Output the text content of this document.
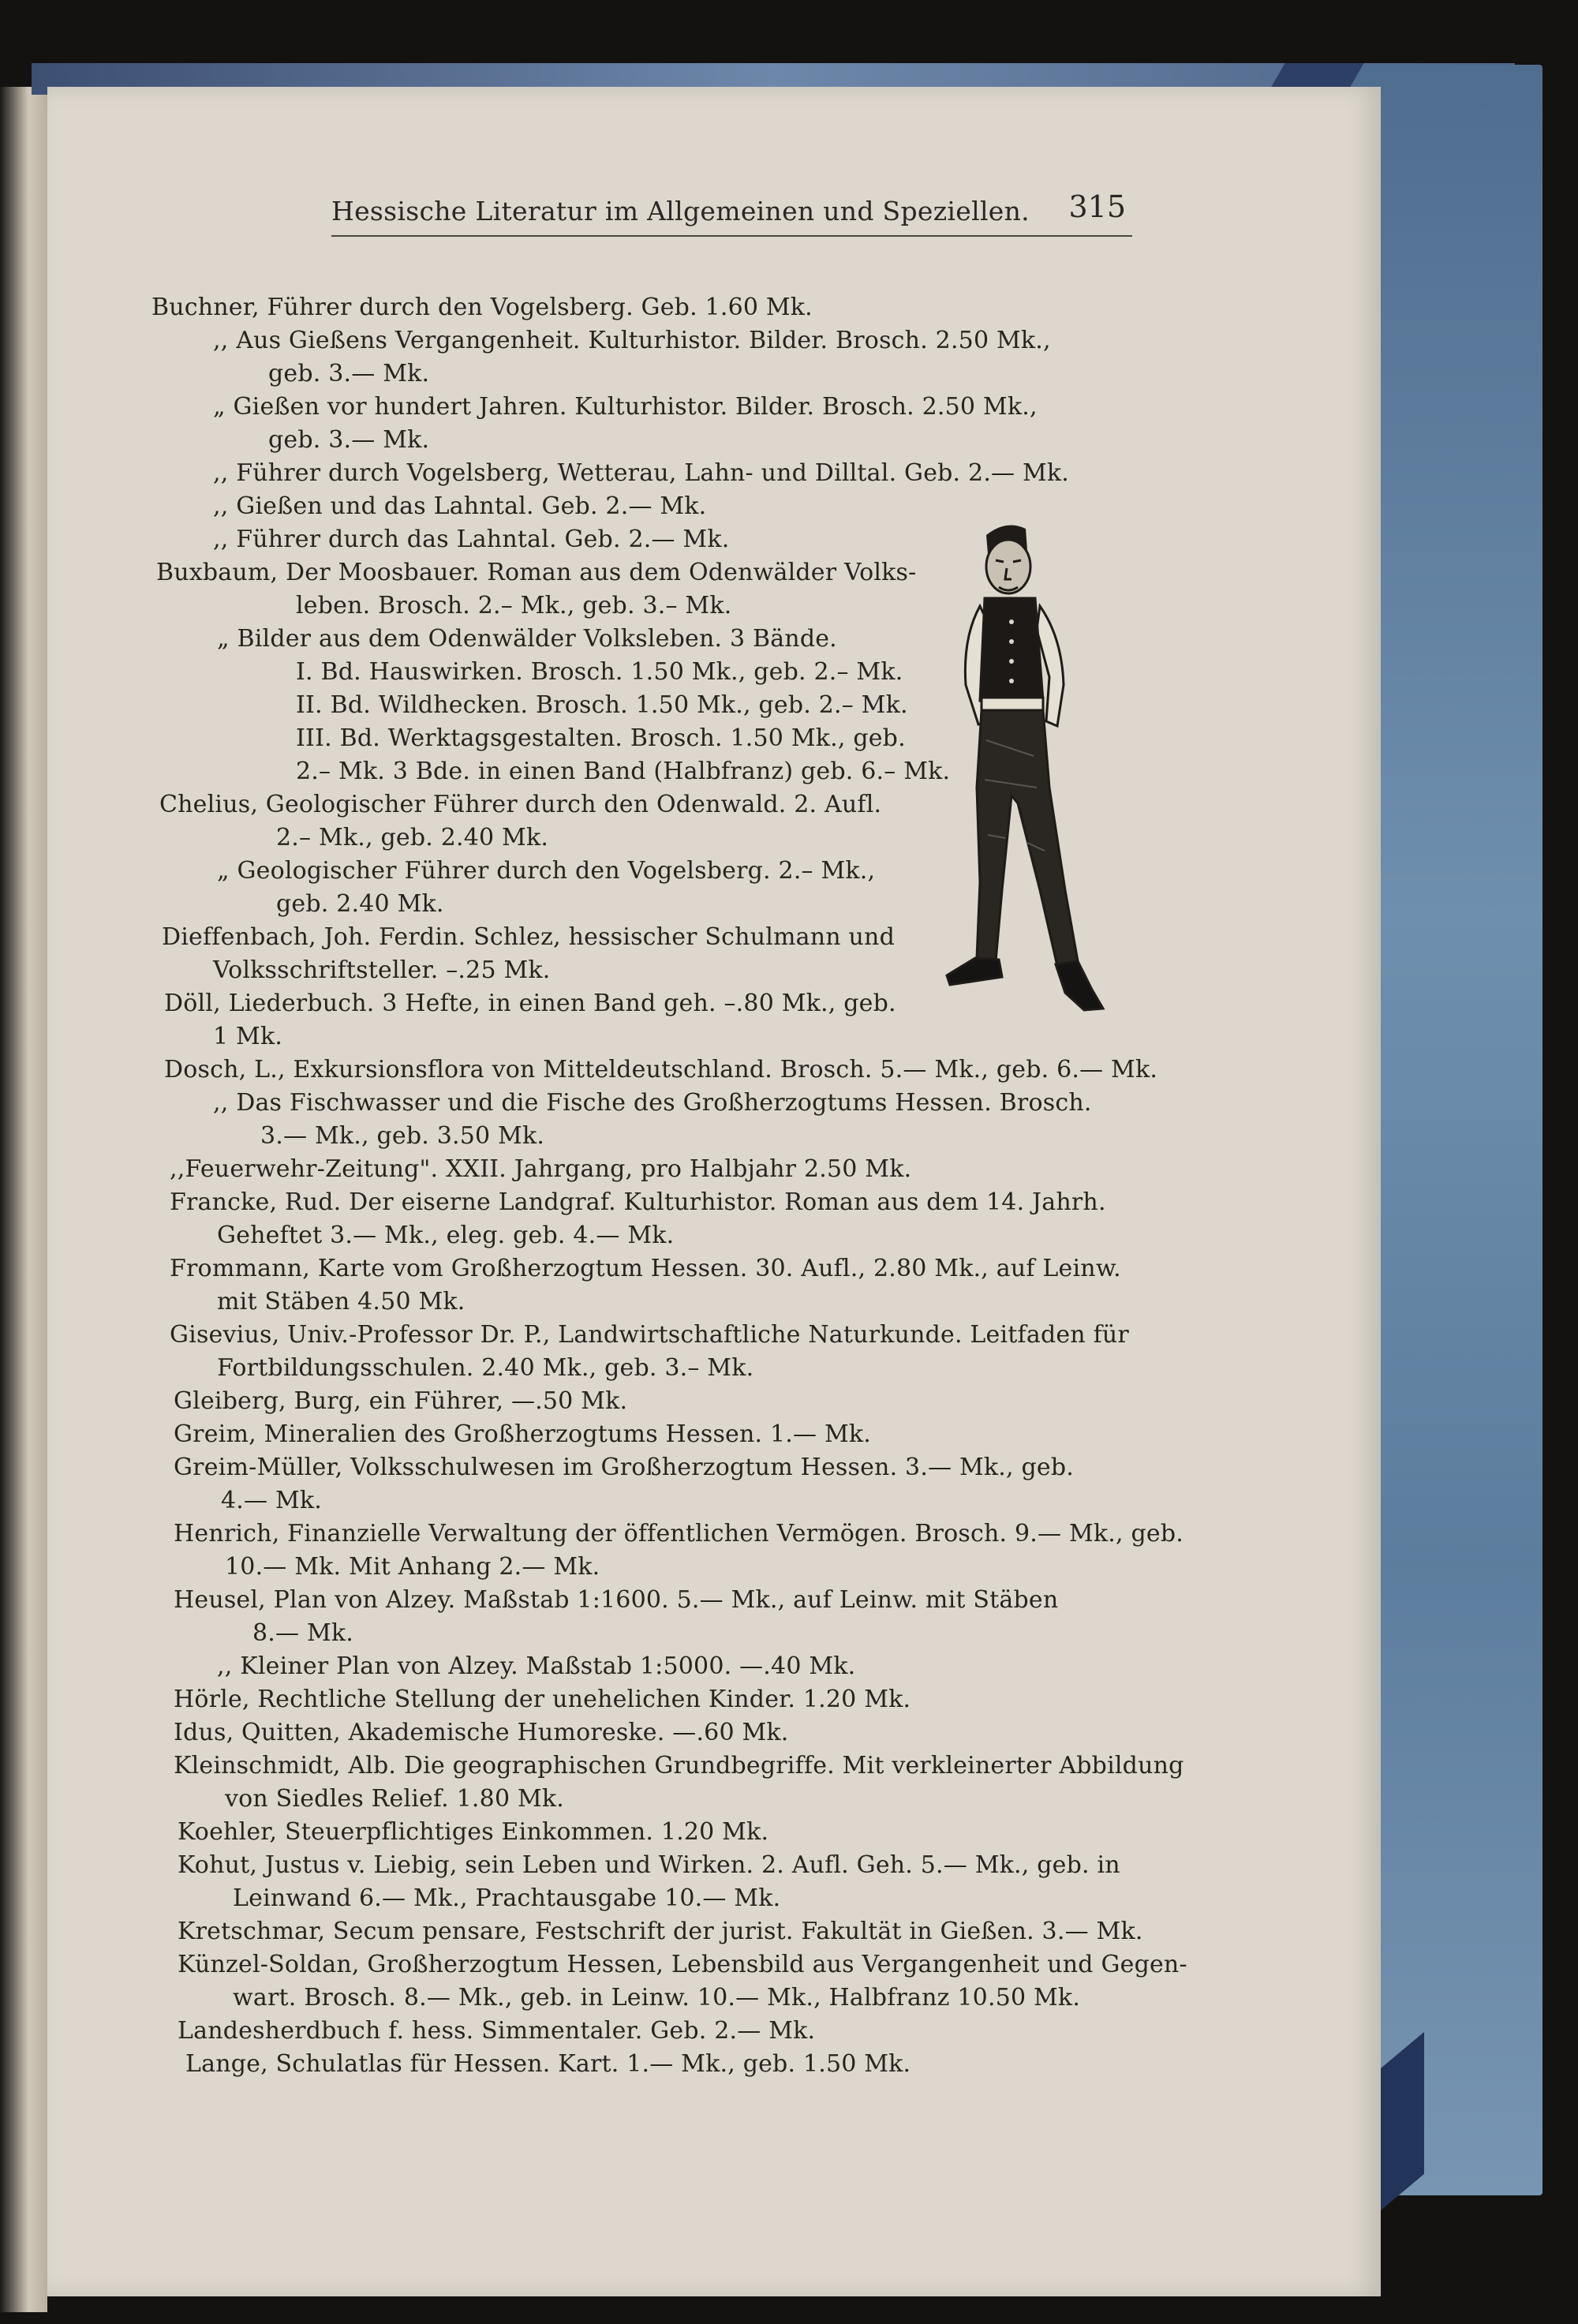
Hessische Literatur im Allgemeinen und Speziellen. 315
Buchner, Führer durch den Vogelsberg. Geb. 1.60 Mk.
,, Aus Gießens Vergangenheit. Kulturhistor. Bilder. Brosch. 2.50 Mk.,
geb. 3.— Mk.
„ Gießen vor hundert Jahren. Kulturhistor. Bilder. Brosch. 2.50 Mk.,
geb. 3.— Mk.
,, Führer durch Vogelsberg, Wetterau, Lahn- und Dilltal. Geb. 2.— Mk.
,, Gießen und das Lahntal. Geb. 2.— Mk.
,, Führer durch das Lahntal. Geb. 2.— Mk.
Buxbaum, Der Moosbauer. Roman aus dem Odenwälder Volks-
leben. Brosch. 2.– Mk., geb. 3.– Mk.
„ Bilder aus dem Odenwälder Volksleben. 3 Bände.
I. Bd. Hauswirken. Brosch. 1.50 Mk., geb. 2.– Mk.
II. Bd. Wildhecken. Brosch. 1.50 Mk., geb. 2.– Mk.
III. Bd. Werktagsgestalten. Brosch. 1.50 Mk., geb.
2.– Mk. 3 Bde. in einen Band (Halbfranz) geb. 6.– Mk.
Chelius, Geologischer Führer durch den Odenwald. 2. Aufl.
2.– Mk., geb. 2.40 Mk.
„ Geologischer Führer durch den Vogelsberg. 2.– Mk.,
geb. 2.40 Mk.
Dieffenbach, Joh. Ferdin. Schlez, hessischer Schulmann und
Volksschriftsteller. –.25 Mk.
Döll, Liederbuch. 3 Hefte, in einen Band geh. –.80 Mk., geb.
1 Mk.
Dosch, L., Exkursionsflora von Mitteldeutschland. Brosch. 5.— Mk., geb. 6.— Mk.
,, Das Fischwasser und die Fische des Großherzogtums Hessen. Brosch.
3.— Mk., geb. 3.50 Mk.
,,Feuerwehr-Zeitung". XXII. Jahrgang, pro Halbjahr 2.50 Mk.
Francke, Rud. Der eiserne Landgraf. Kulturhistor. Roman aus dem 14. Jahrh.
Geheftet 3.— Mk., eleg. geb. 4.— Mk.
Frommann, Karte vom Großherzogtum Hessen. 30. Aufl., 2.80 Mk., auf Leinw.
mit Stäben 4.50 Mk.
Gisevius, Univ.-Professor Dr. P., Landwirtschaftliche Naturkunde. Leitfaden für
Fortbildungsschulen. 2.40 Mk., geb. 3.– Mk.
Gleiberg, Burg, ein Führer, —.50 Mk.
Greim, Mineralien des Großherzogtums Hessen. 1.— Mk.
Greim-Müller, Volksschulwesen im Großherzogtum Hessen. 3.— Mk., geb.
4.— Mk.
Henrich, Finanzielle Verwaltung der öffentlichen Vermögen. Brosch. 9.— Mk., geb.
10.— Mk. Mit Anhang 2.— Mk.
Heusel, Plan von Alzey. Maßstab 1:1600. 5.— Mk., auf Leinw. mit Stäben
8.— Mk.
,, Kleiner Plan von Alzey. Maßstab 1:5000. —.40 Mk.
Hörle, Rechtliche Stellung der unehelichen Kinder. 1.20 Mk.
Idus, Quitten, Akademische Humoreske. —.60 Mk.
Kleinschmidt, Alb. Die geographischen Grundbegriffe. Mit verkleinerter Abbildung
von Siedles Relief. 1.80 Mk.
Koehler, Steuerpflichtiges Einkommen. 1.20 Mk.
Kohut, Justus v. Liebig, sein Leben und Wirken. 2. Aufl. Geh. 5.— Mk., geb. in
Leinwand 6.— Mk., Prachtausgabe 10.— Mk.
Kretschmar, Secum pensare, Festschrift der jurist. Fakultät in Gießen. 3.— Mk.
Künzel-Soldan, Großherzogtum Hessen, Lebensbild aus Vergangenheit und Gegen-
wart. Brosch. 8.— Mk., geb. in Leinw. 10.— Mk., Halbfranz 10.50 Mk.
Landesherdbuch f. hess. Simmentaler. Geb. 2.— Mk.
Lange, Schulatlas für Hessen. Kart. 1.— Mk., geb. 1.50 Mk.
